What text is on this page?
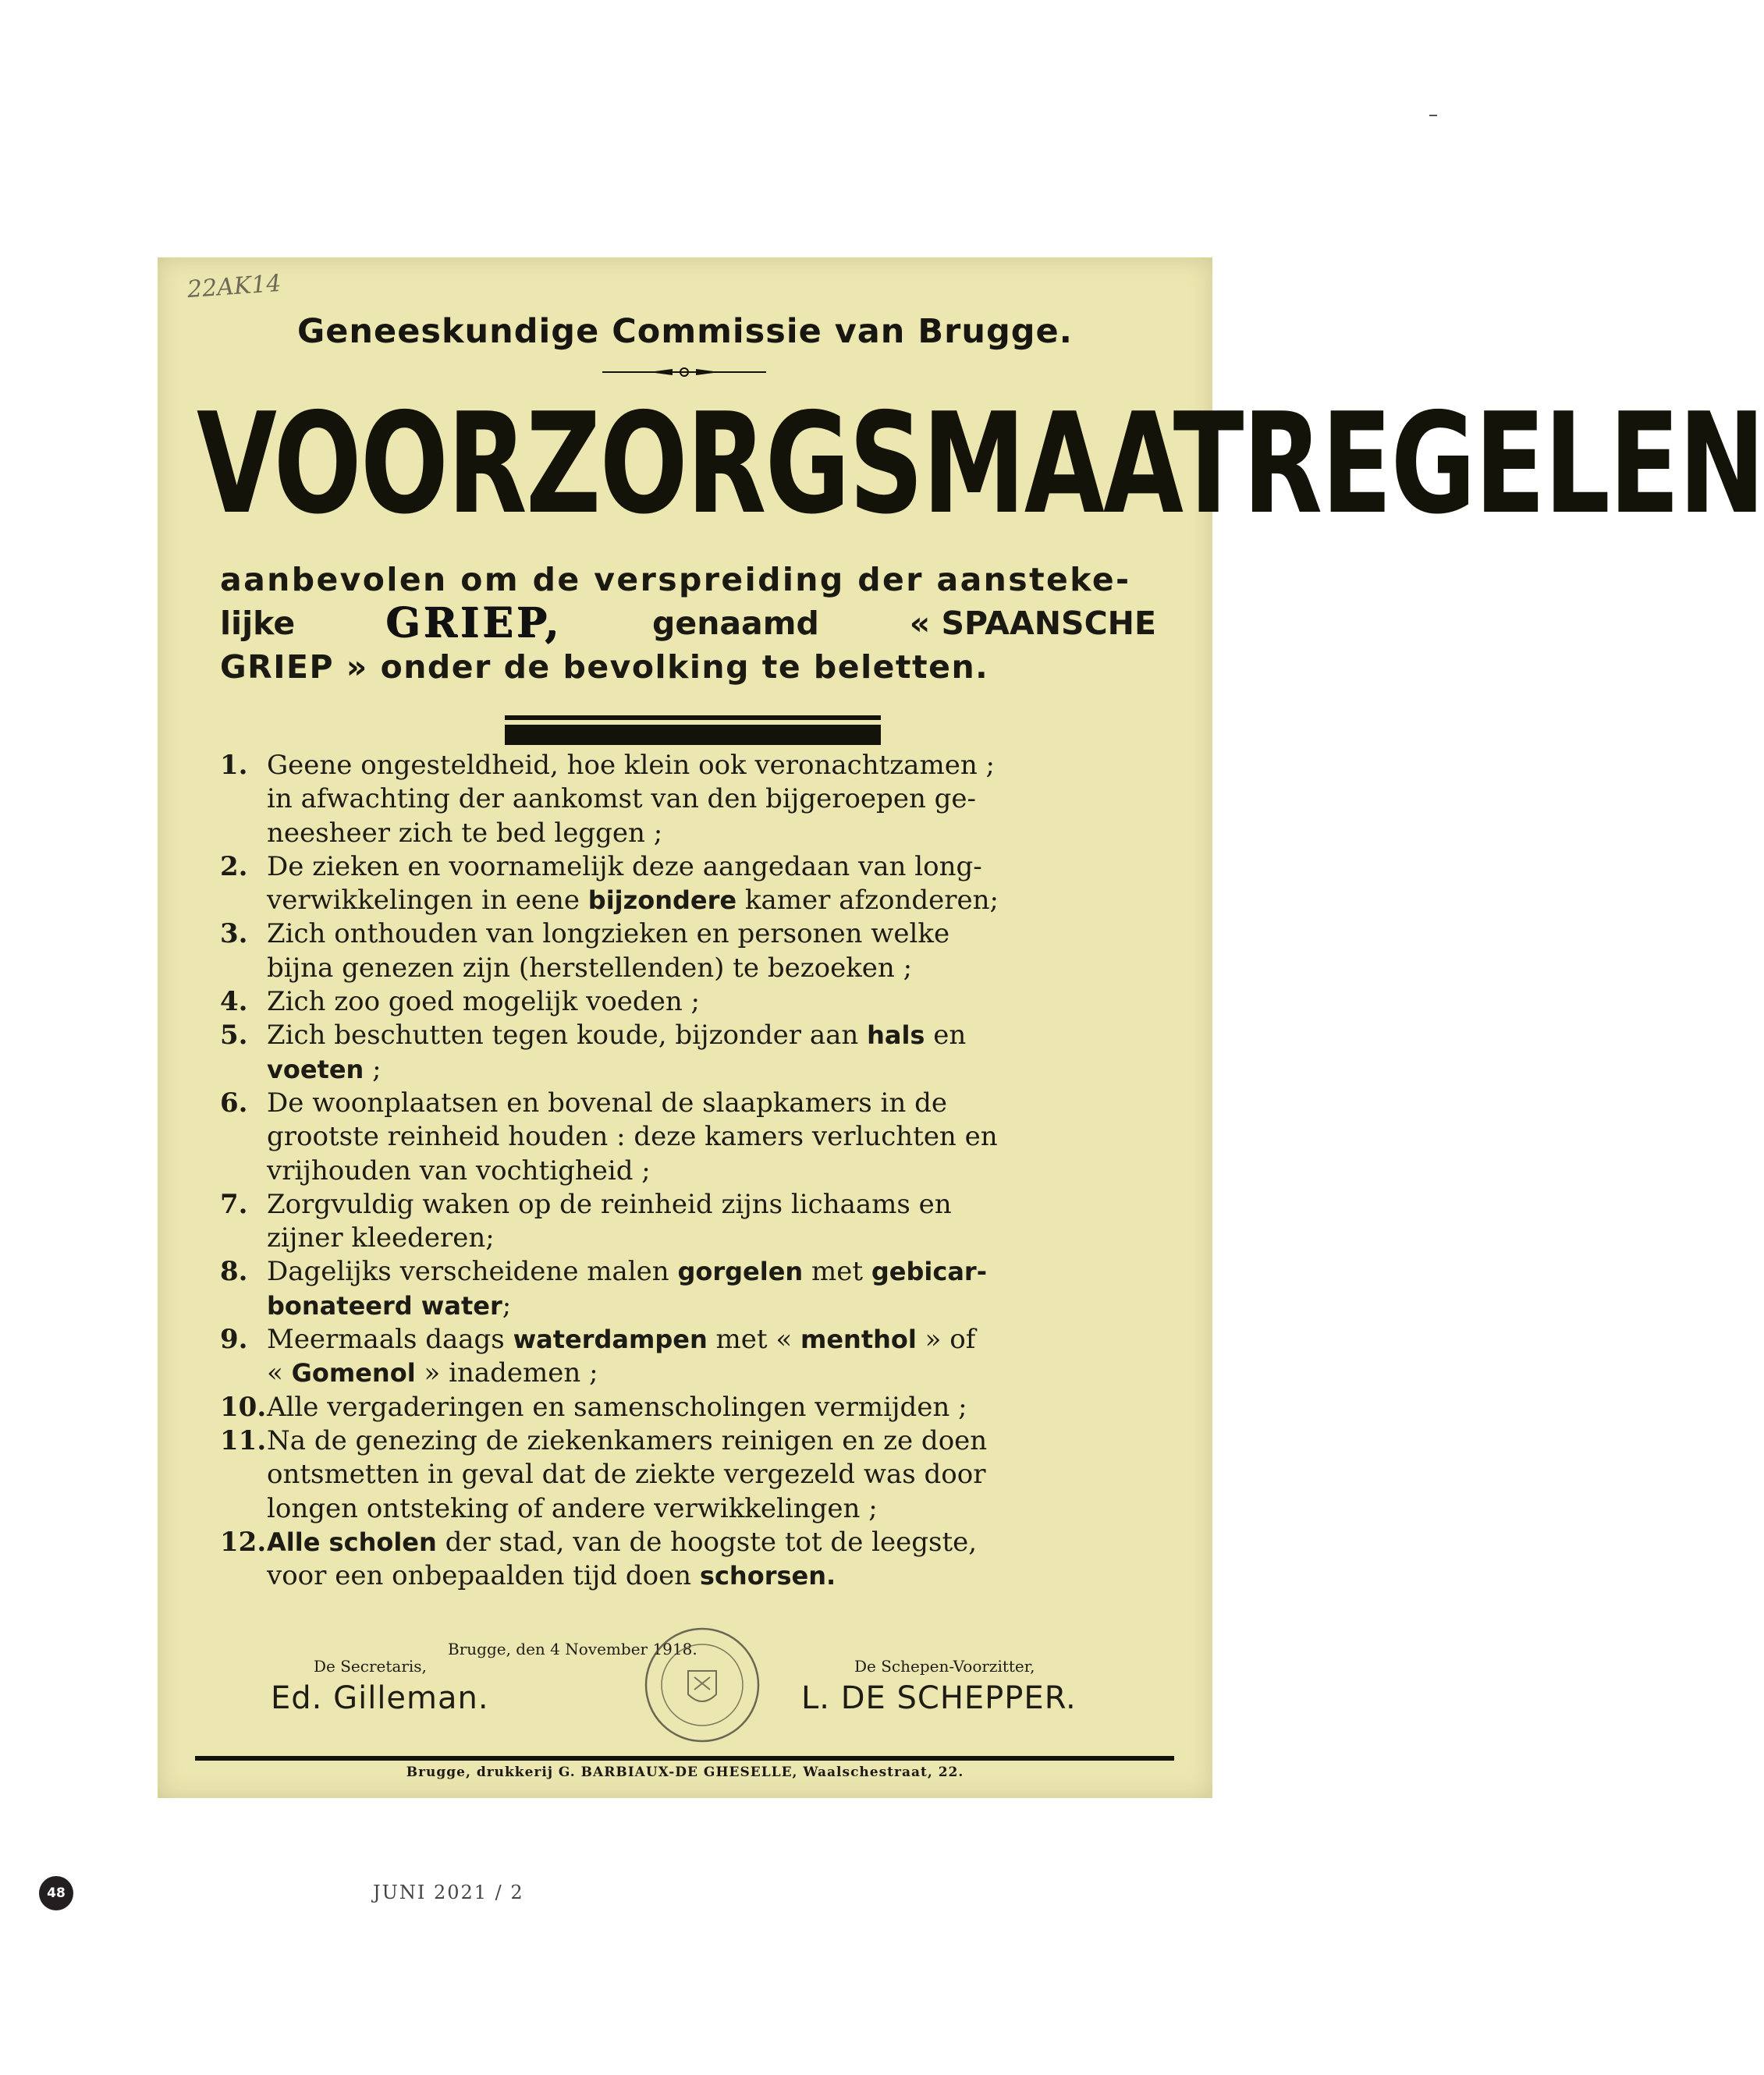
22AK14
Geneeskundige Commissie van Brugge.
VOORZORGSMAATREGELEN
aanbevolen om de verspreiding der aansteke-
lijke GRIEP,	genaamd	« SPAANSCHE
GRIEP » onder de bevolking te beletten.
1. Geene ongesteldheid, hoe klein ook veronachtzamen ;
in afwachting der aankomst van den bijgeroepen ge-
neesheer zich te bed leggen ;
2. De zieken en voornamelijk deze aangedaan van long-
verwikkelingen in eene bijzondere kamer afzonderen;
3. Zich onthouden van longzieken en personen welke
bijna genezen zijn (herstellenden) te bezoeken ;
4. Zich zoo goed mogelijk voeden ;
5. Zich beschutten tegen koude, bijzonder aan hals en
voeten ;
6. De woonplaatsen en bovenal de slaapkamers in de
grootste reinheid houden : deze kamers verluchten en
vrijhouden van vochtigheid ;
7. Zorgvuldig waken op de reinheid zijns lichaams en
zijner kleederen;
8. Dagelijks verscheidene malen gorgelen met gebicar-
bonateerd water;
9. Meermaals daags waterdampen met « menthol » of
« Gomenol » inademen ;
10. Alle vergaderingen en samenscholingen vermijden ;
11. Na de genezing de ziekenkamers reinigen en ze doen
ontsmetten in geval dat de ziekte vergezeld was door
longen ontsteking of andere verwikkelingen ;
12. Alle scholen der stad, van de hoogste tot de leegste,
voor een onbepaalden tijd doen schorsen.
Brugge, den 4 November 1918.
De Secretaris,
Ed. Gilleman.
De Schepen-Voorzitter,
L. DE SCHEPPER.
Brugge, drukkerij G. BARBIAUX-DE GHESELLE, Waalschestraat, 22.
48	JUNI 2021 / 2
